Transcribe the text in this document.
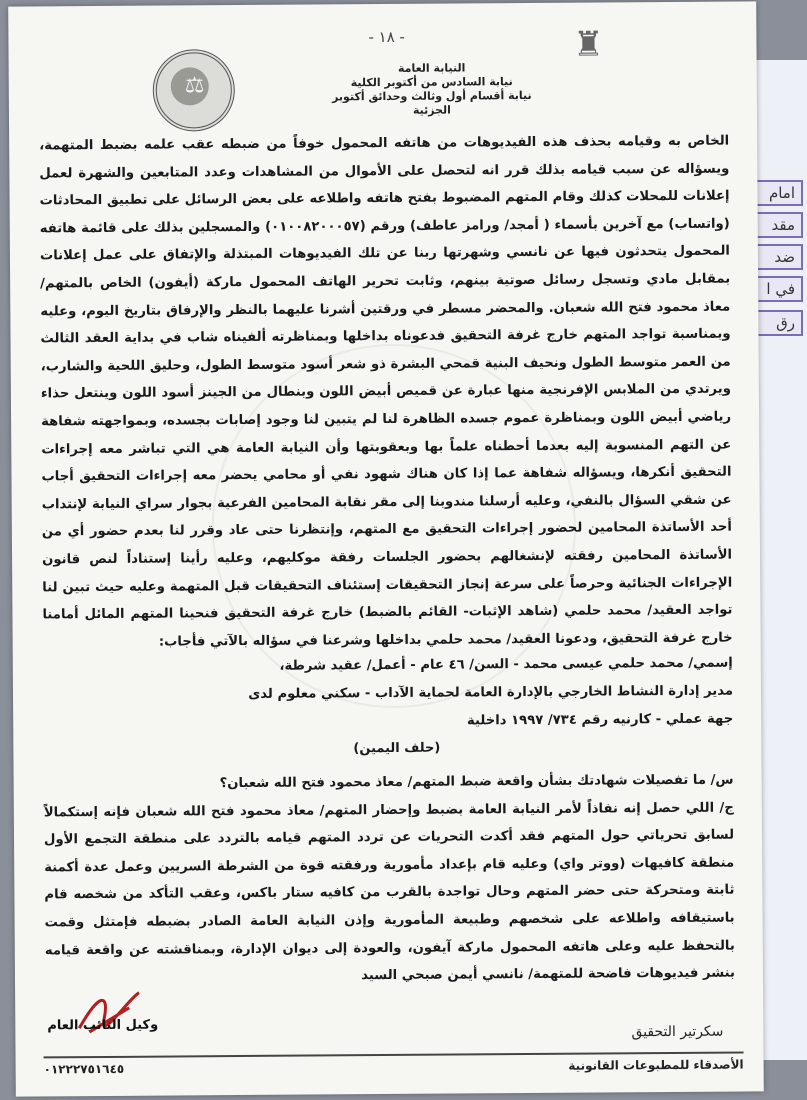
امام
مقد
ضد
في ا
رق
⚖
- ١٨ -	♜
النيابة العامة
نيابة السادس من أكتوبر الكلية
نيابة أقسام أول وثالث وحدائق أكتوبر الجزئية

الخاص به وقيامه بحذف هذه الفيديوهات من هاتفه المحمول خوفاً من ضبطه عقب علمه بضبط المتهمة، ويسؤاله عن سبب قيامه بذلك قرر انه لتحصل على الأموال من المشاهدات وعدد المتابعين والشهرة لعمل إعلانات للمحلات كذلك وقام المتهم المضبوط بفتح هاتفه واطلاعه على بعض الرسائل على تطبيق المحادثات (واتساب) مع آخرين بأسماء ( أمجد/ ورامز عاطف) ورقم (٠١٠٠٨٢٠٠٠٥٧) والمسجلين بذلك على قائمة هاتفه المحمول يتحدثون فيها عن نانسي وشهرتها ربنا عن تلك الفيديوهات المبتذلة والإتفاق على عمل إعلانات بمقابل مادي وتسجل رسائل صوتية بينهم، وثابت تحرير الهاتف المحمول ماركة (أيفون) الخاص بالمتهم/ معاذ محمود فتح الله شعبان. والمحضر مسطر في ورقتين أشرنا عليهما بالنظر والإرفاق بتاريخ اليوم، وعليه وبمناسبة تواجد المتهم خارج غرفة التحقيق فدعوناه بداخلها وبمناظرته ألفيناه شاب في بداية العقد الثالث من العمر متوسط الطول ونحيف البنية قمحي البشرة ذو شعر أسود متوسط الطول، وحليق اللحية والشارب، ويرتدي من الملابس الإفرنجية منها عبارة عن قميص أبيض اللون وبنطال من الجينز أسود اللون وينتعل حذاء رياضي أبيض اللون وبمناظرة عموم جسده الظاهرة لنا لم يتبين لنا وجود إصابات بجسده، وبمواجهته شفاهة عن التهم المنسوبة إليه بعدما أحطناه علماً بها وبعقوبتها وأن النيابة العامة هي التي تباشر معه إجراءات التحقيق أنكرها، ويسؤاله شفاهة عما إذا كان هناك شهود نفي أو محامي يحضر معه إجراءات التحقيق أجاب عن شقي السؤال بالنفي، وعليه أرسلنا مندوبنا إلى مقر نقابة المحامين الفرعية بجوار سراي النيابة لإنتداب أحد الأساتذة المحامين لحضور إجراءات التحقيق مع المتهم، وإنتظرنا حتى عاد وقرر لنا بعدم حضور أي من الأساتذة المحامين رفقته لإنشغالهم بحضور الجلسات رفقة موكليهم، وعليه رأينا إستناداً لنص قانون الإجراءات الجنائية وحرصاً على سرعة إنجاز التحقيقات إستئناف التحقيقات قبل المتهمة وعليه حيث تبين لنا تواجد العقيد/ محمد حلمي (شاهد الإثبات- القائم بالضبط) خارج غرفة التحقيق فنحينا المتهم المائل أمامنا خارج غرفة التحقيق، ودعونا العقيد/ محمد حلمي بداخلها وشرعنا في سؤاله بالآتي فأجاب:

إسمي/ محمد حلمي عيسى محمد - السن/ ٤٦ عام - أعمل/ عقيد شرطة،
مدير إدارة النشاط الخارجي بالإدارة العامة لحماية الآداب - سكني معلوم لدى
جهة عملي - كارنيه رقم ٧٣٤/ ١٩٩٧ داخلية
(حلف اليمين)

س/ ما تفصيلات شهادتك بشأن واقعة ضبط المتهم/ معاذ محمود فتح الله شعبان؟

ج/ اللي حصل إنه نفاذاً لأمر النيابة العامة بضبط وإحضار المتهم/ معاذ محمود فتح الله شعبان فإنه إستكمالاً لسابق تحرياتي حول المتهم فقد أكدت التحريات عن تردد المتهم قيامه بالتردد على منطقة التجمع الأول منطقة كافيهات (ووتر واي) وعليه قام بإعداد مأمورية ورفقته قوة من الشرطة السريين وعمل عدة أكمنة ثابتة ومتحركة حتى حضر المتهم وحال تواجدة بالقرب من كافيه ستار باكس، وعقب التأكد من شخصه قام باستيقافه واطلاعه على شخصهم وطبيعة المأمورية وإذن النيابة العامة الصادر بضبطه فإمتثل وقمت بالتحفظ عليه وعلى هاتفه المحمول ماركة آيفون، والعودة إلى ديوان الإدارة، وبمناقشته عن واقعة قيامه بنشر فيديوهات فاضحة للمتهمة/ نانسي أيمن صبحي السيد

وكيل النائب العام	سكرتير التحقيق
الأصدقاء للمطبوعات القانونية
٠١٢٢٢٧٥١٦٤٥
